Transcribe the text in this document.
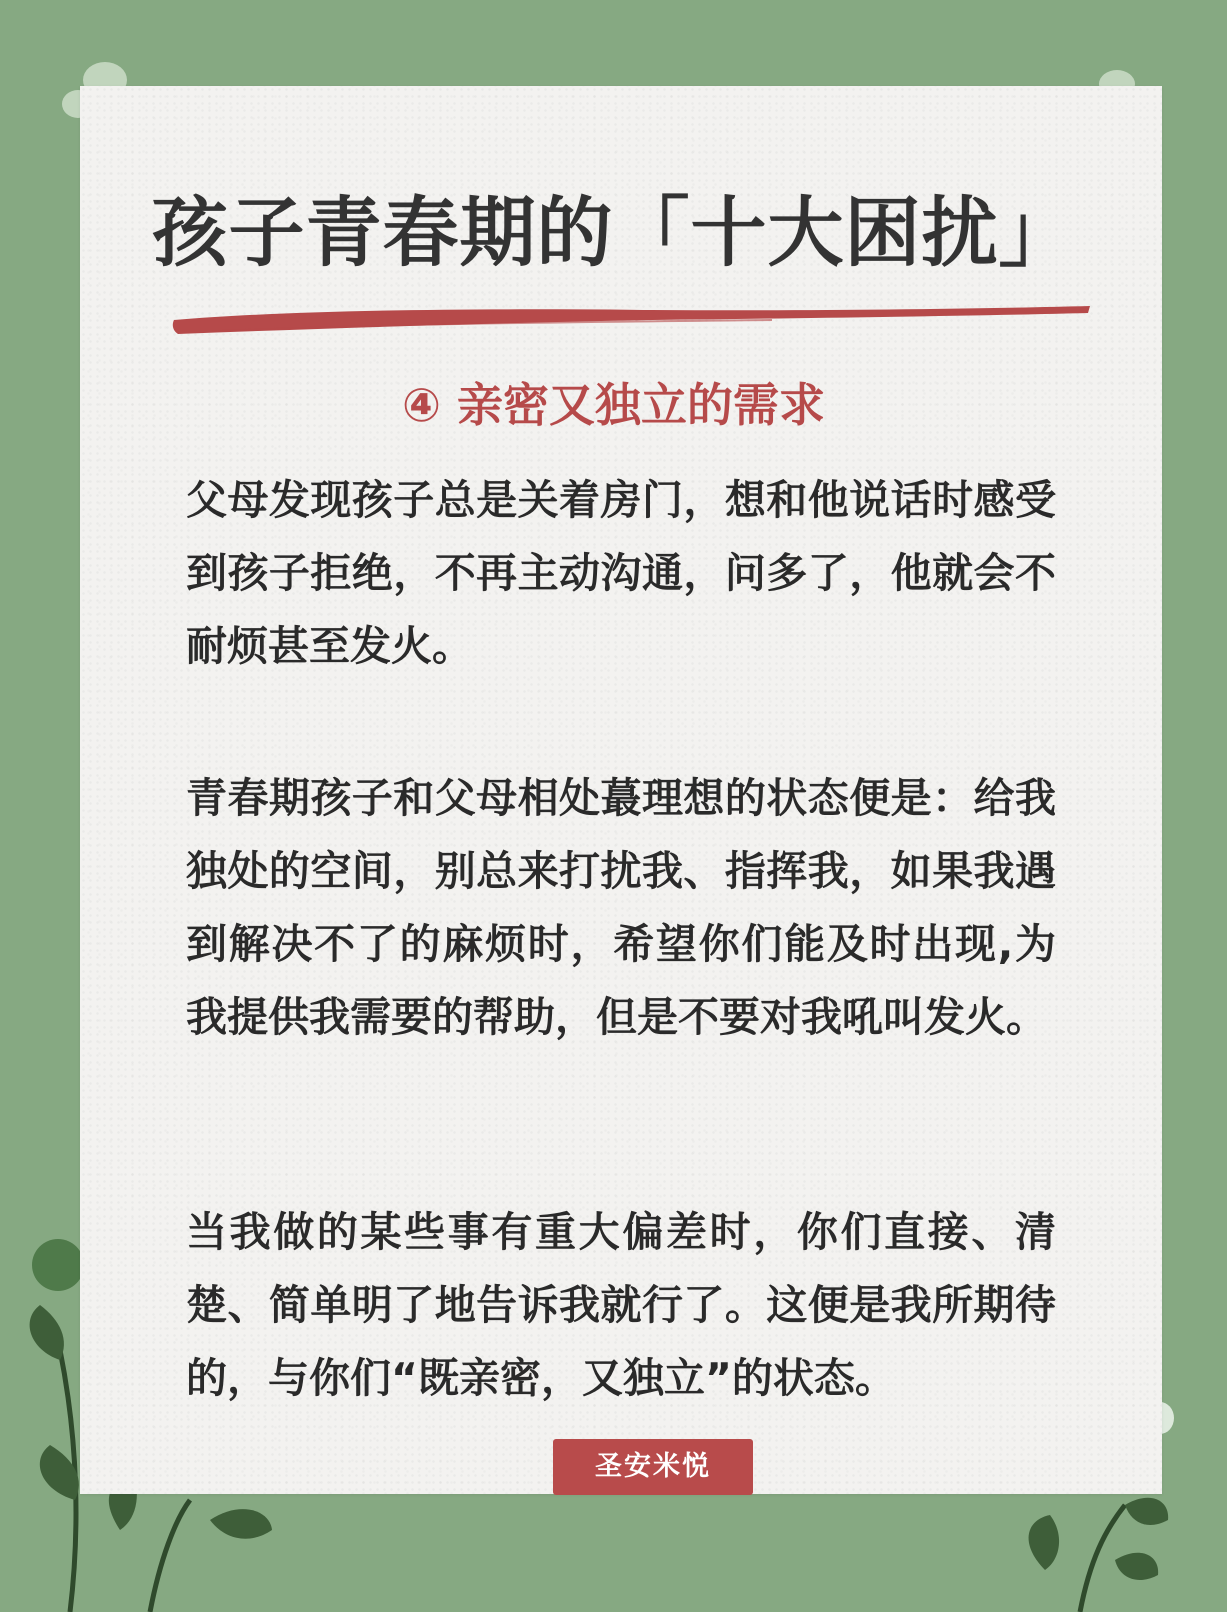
孩子青春期的「十大困扰」
④ 亲密又独立的需求

父母发现孩子总是关着房门，想和他说话时感受到孩子拒绝，不再主动沟通，问多了，他就会不耐烦甚至发火。

青春期孩子和父母相处蕞理想的状态便是：给我独处的空间，别总来打扰我、指挥我，如果我遇到解决不了的麻烦时，希望你们能及时出现,为我提供我需要的帮助，但是不要对我吼叫发火。

当我做的某些事有重大偏差时，你们直接、清楚、简单明了地告诉我就行了。这便是我所期待的，与你们“既亲密，又独立”的状态。

圣安米悦
